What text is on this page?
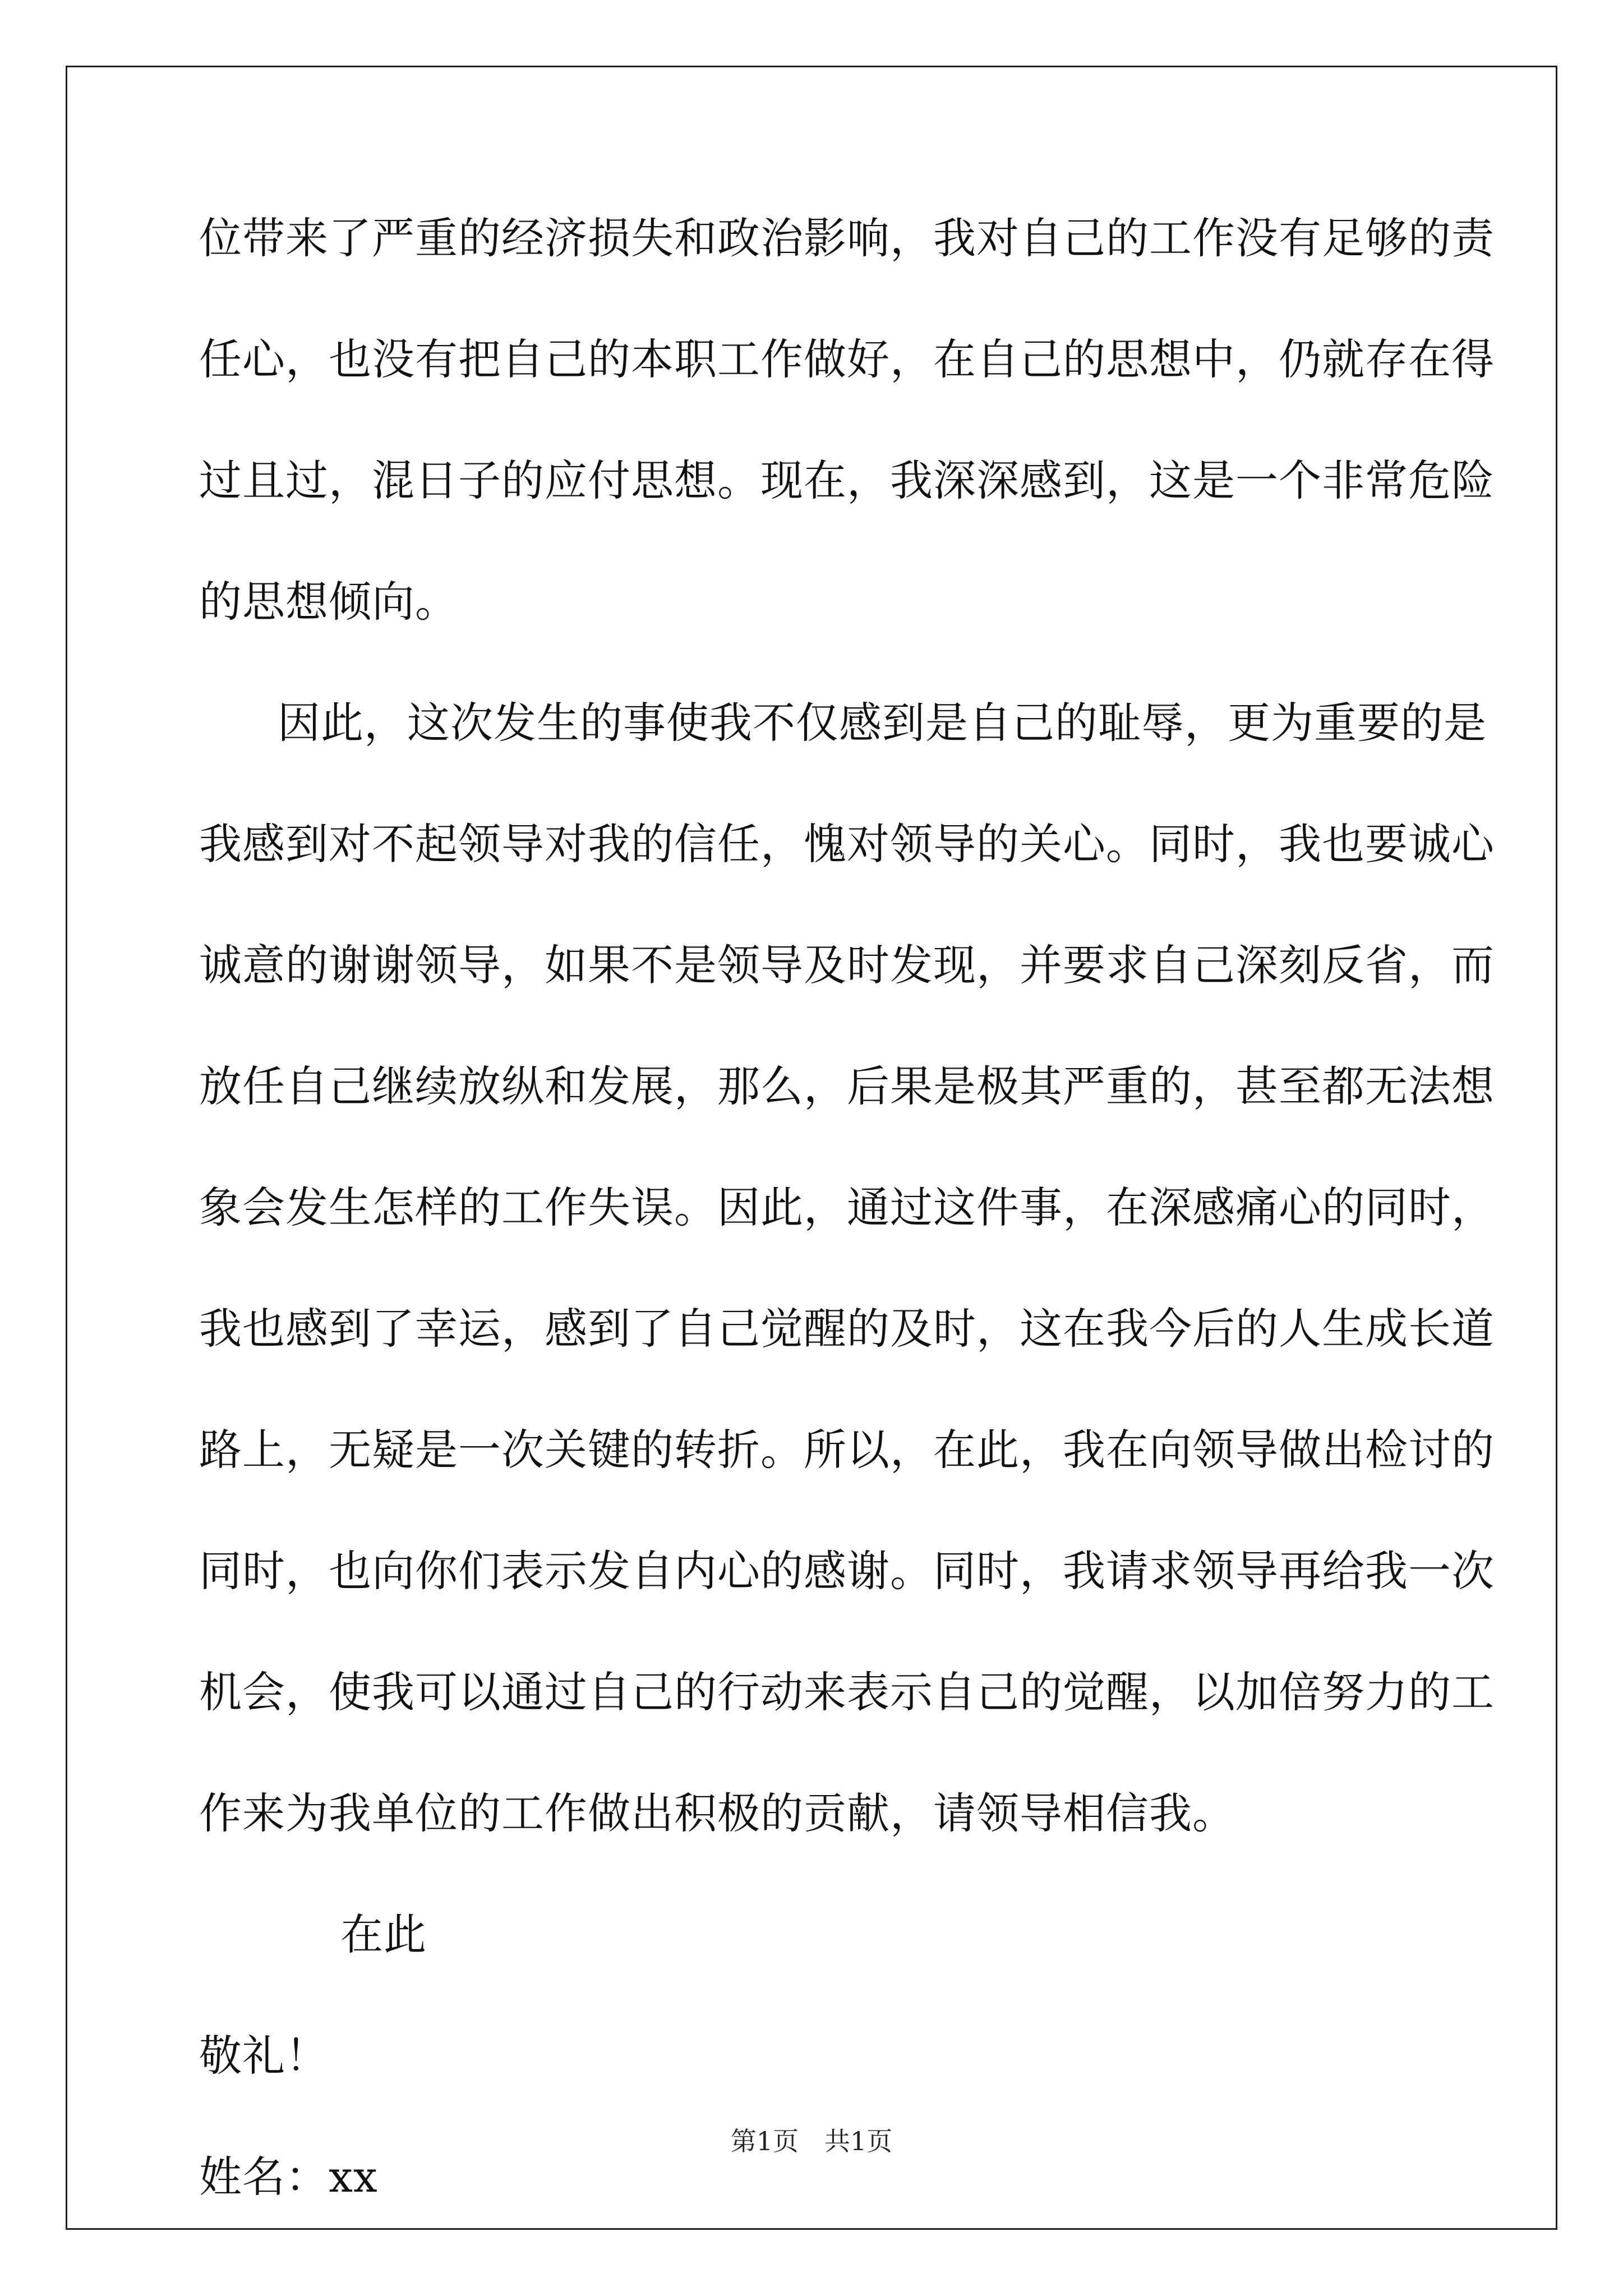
位带来了严重的经济损失和政治影响，我对自己的工作没有足够的责
任心，也没有把自己的本职工作做好，在自己的思想中，仍就存在得
过且过，混日子的应付思想。现在，我深深感到，这是一个非常危险
的思想倾向。
因此，这次发生的事使我不仅感到是自己的耻辱，更为重要的是
我感到对不起领导对我的信任，愧对领导的关心。同时，我也要诚心
诚意的谢谢领导，如果不是领导及时发现，并要求自己深刻反省，而
放任自己继续放纵和发展，那么，后果是极其严重的，甚至都无法想
象会发生怎样的工作失误。因此，通过这件事，在深感痛心的同时，
我也感到了幸运，感到了自己觉醒的及时，这在我今后的人生成长道
路上，无疑是一次关键的转折。所以，在此，我在向领导做出检讨的
同时，也向你们表示发自内心的感谢。同时，我请求领导再给我一次
机会，使我可以通过自己的行动来表示自己的觉醒，以加倍努力的工
作来为我单位的工作做出积极的贡献，请领导相信我。
在此
敬礼！
姓名：xx
第1页　共1页
